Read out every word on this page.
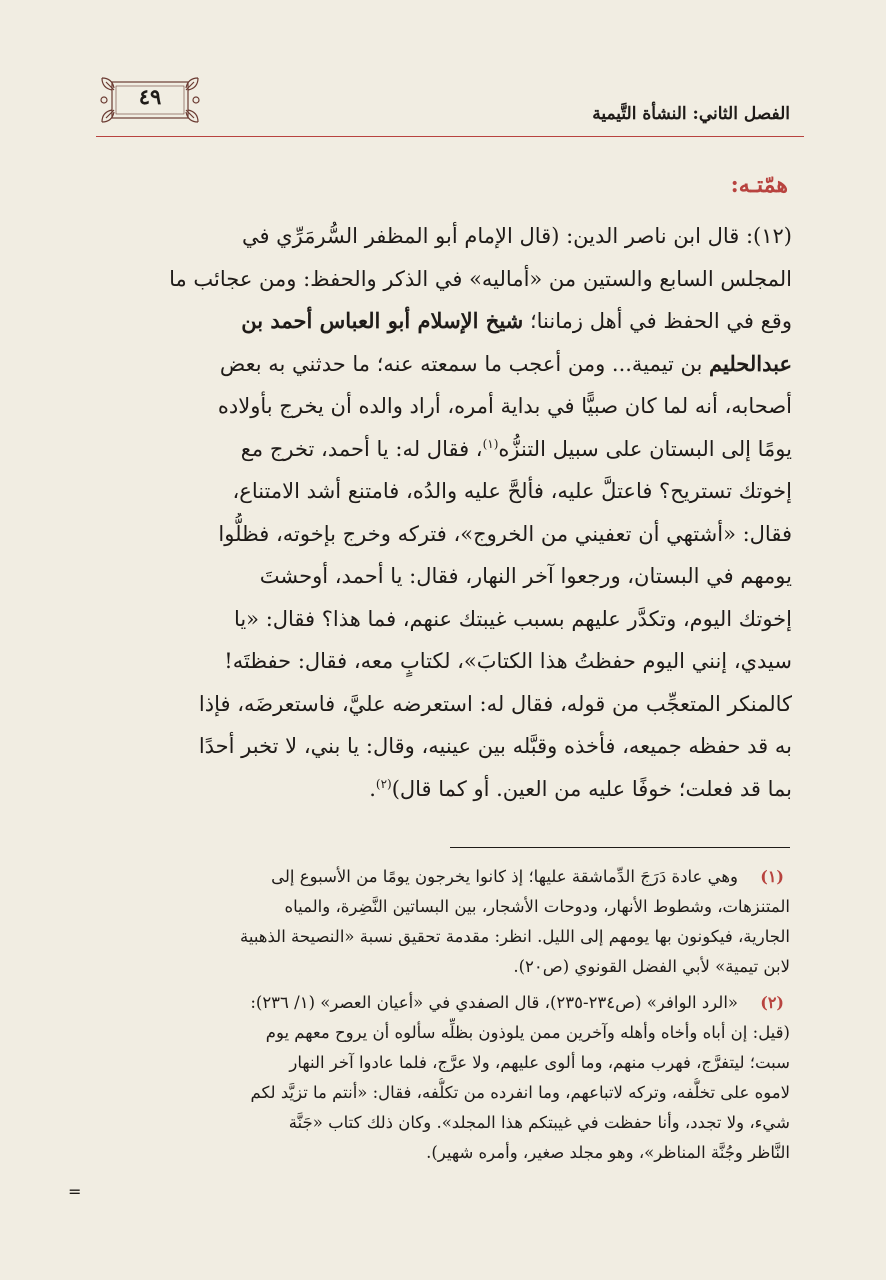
الفصل الثاني: النشأة التَّيمية
٤٩
همّتـه:
(١٢): قال ابن ناصر الدين: (قال الإمام أبو المظفر السُّرمَرِّي في
المجلس السابع والستين من «أماليه» في الذكر والحفظ: ومن عجائب ما
وقع في الحفظ في أهل زماننا؛ شيخ الإسلام أبو العباس أحمد بن
عبدالحليم بن تيمية... ومن أعجب ما سمعته عنه؛ ما حدثني به بعض
أصحابه، أنه لما كان صبيًّا في بداية أمره، أراد والده أن يخرج بأولاده
يومًا إلى البستان على سبيل التنزُّه$^{(١)}$، فقال له: يا أحمد، تخرج مع
إخوتك تستريح؟ فاعتلَّ عليه، فألحَّ عليه والدُه، فامتنع أشد الامتناع،
فقال: «أشتهي أن تعفيني من الخروج»، فتركه وخرج بإخوته، فظلُّوا
يومهم في البستان، ورجعوا آخر النهار، فقال: يا أحمد، أوحشتَ
إخوتك اليوم، وتكدَّر عليهم بسبب غيبتك عنهم، فما هذا؟ فقال: «يا
سيدي، إنني اليوم حفظتُ هذا الكتابَ»، لكتابٍ معه، فقال: حفظتَه!
كالمنكر المتعجِّب من قوله، فقال له: استعرضه عليَّ، فاستعرضَه، فإذا
به قد حفظه جميعه، فأخذه وقبَّله بين عينيه، وقال: يا بني، لا تخبر أحدًا
بما قد فعلت؛ خوفًا عليه من العين. أو كما قال)$^{(٢)}$.
(١)
وهي عادة دَرَجَ الدِّماشقة عليها؛ إذ كانوا يخرجون يومًا من الأسبوع إلى
المتنزهات، وشطوط الأنهار، ودوحات الأشجار، بين البساتين النَّضِرة، والمياه
الجارية، فيكونون بها يومهم إلى الليل. انظر: مقدمة تحقيق نسبة «النصيحة الذهبية
لابن تيمية» لأبي الفضل القونوي (ص٢٠).
(٢)
«الرد الوافر» (ص٢٣٤-٢٣٥)، قال الصفدي في «أعيان العصر» (١/ ٢٣٦):
(قيل: إن أباه وأخاه وأهله وآخرين ممن يلوذون بظلِّه سألوه أن يروح معهم يوم
سبت؛ ليتفرَّج، فهرب منهم، وما ألوى عليهم، ولا عرَّج، فلما عادوا آخر النهار
لاموه على تخلُّفه، وتركه لاتباعهم، وما انفرده من تكلُّفه، فقال: «أنتم ما تزيَّد لكم
شيء، ولا تجدد، وأنا حفظت في غيبتكم هذا المجلد». وكان ذلك كتاب «جَنَّة
النَّاظر وجُنَّة المناظر»، وهو مجلد صغير، وأمره شهير).
=
